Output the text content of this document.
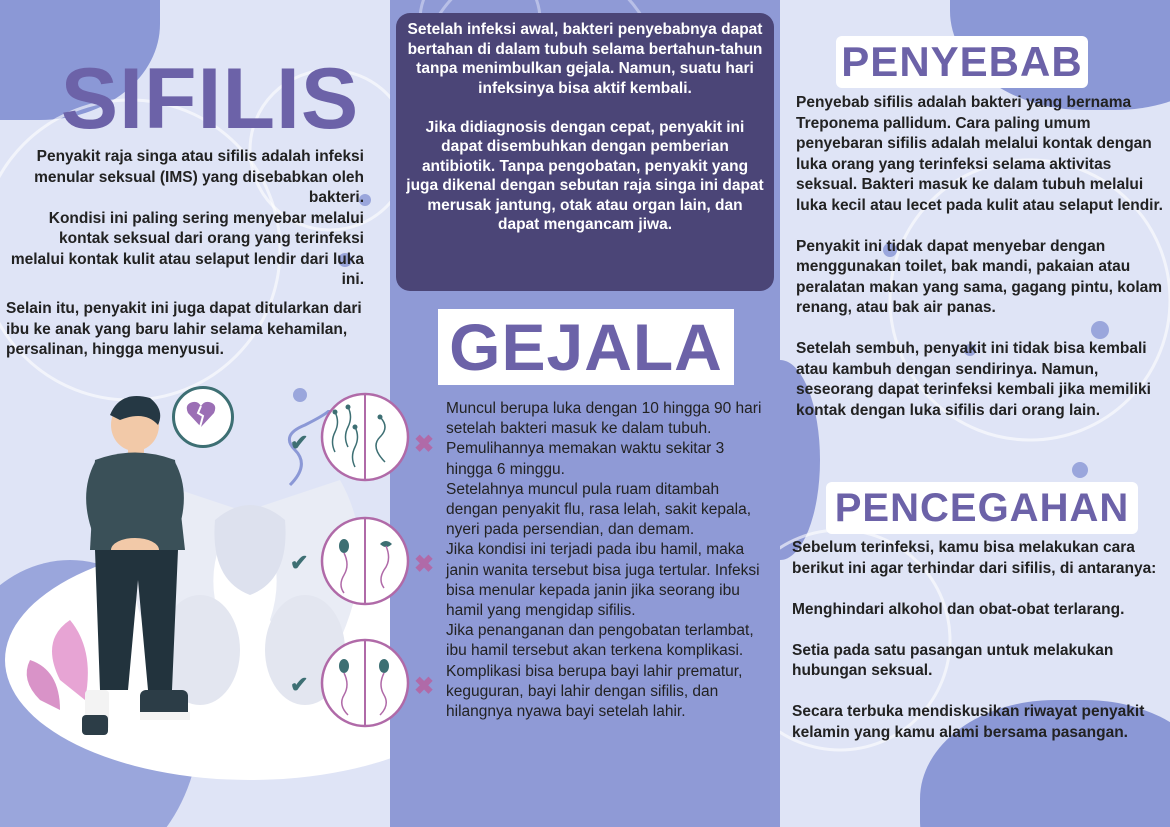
SIFILIS

Penyakit raja singa atau sifilis adalah infeksi menular seksual (IMS) yang disebabkan oleh bakteri.

Kondisi ini paling sering menyebar melalui kontak seksual dari orang yang terinfeksi melalui kontak kulit atau selaput lendir dari luka ini.

Selain itu, penyakit ini juga dapat ditularkan dari ibu ke anak yang baru lahir selama kehamilan, persalinan, hingga menyusui.

✔
✔
✔
✖
✖
✖

Setelah infeksi awal, bakteri penyebabnya dapat bertahan di dalam tubuh selama bertahun-tahun tanpa menimbulkan gejala. Namun, suatu hari infeksinya bisa aktif kembali.

Jika didiagnosis dengan cepat, penyakit ini dapat disembuhkan dengan pemberian antibiotik. Tanpa pengobatan, penyakit yang juga dikenal dengan sebutan raja singa ini dapat merusak jantung, otak atau organ lain, dan dapat mengancam jiwa.

GEJALA

Muncul berupa luka dengan 10 hingga 90 hari setelah bakteri masuk ke dalam tubuh. Pemulihannya memakan waktu sekitar 3 hingga 6 minggu.

Setelahnya muncul pula ruam ditambah dengan penyakit flu, rasa lelah, sakit kepala, nyeri pada persendian, dan demam.

Jika kondisi ini terjadi pada ibu hamil, maka janin wanita tersebut bisa juga tertular. Infeksi bisa menular kepada janin jika seorang ibu hamil yang mengidap sifilis.

Jika penanganan dan pengobatan terlambat, ibu hamil tersebut akan terkena komplikasi. Komplikasi bisa berupa bayi lahir prematur, keguguran, bayi lahir dengan sifilis, dan hilangnya nyawa bayi setelah lahir.

PENYEBAB

Penyebab sifilis adalah bakteri yang bernama Treponema pallidum. Cara paling umum penyebaran sifilis adalah melalui kontak dengan luka orang yang terinfeksi selama aktivitas seksual. Bakteri masuk ke dalam tubuh melalui luka kecil atau lecet pada kulit atau selaput lendir.

Penyakit ini tidak dapat menyebar dengan menggunakan toilet, bak mandi, pakaian atau peralatan makan yang sama, gagang pintu, kolam renang, atau bak air panas.

Setelah sembuh, penyakit ini tidak bisa kembali atau kambuh dengan sendirinya. Namun, seseorang dapat terinfeksi kembali jika memiliki kontak dengan luka sifilis dari orang lain.

PENCEGAHAN

Sebelum terinfeksi, kamu bisa melakukan cara berikut ini agar terhindar dari sifilis, di antaranya:

Menghindari alkohol dan obat-obat terlarang.

Setia pada satu pasangan untuk melakukan hubungan seksual.

Secara terbuka mendiskusikan riwayat penyakit kelamin yang kamu alami bersama pasangan.
